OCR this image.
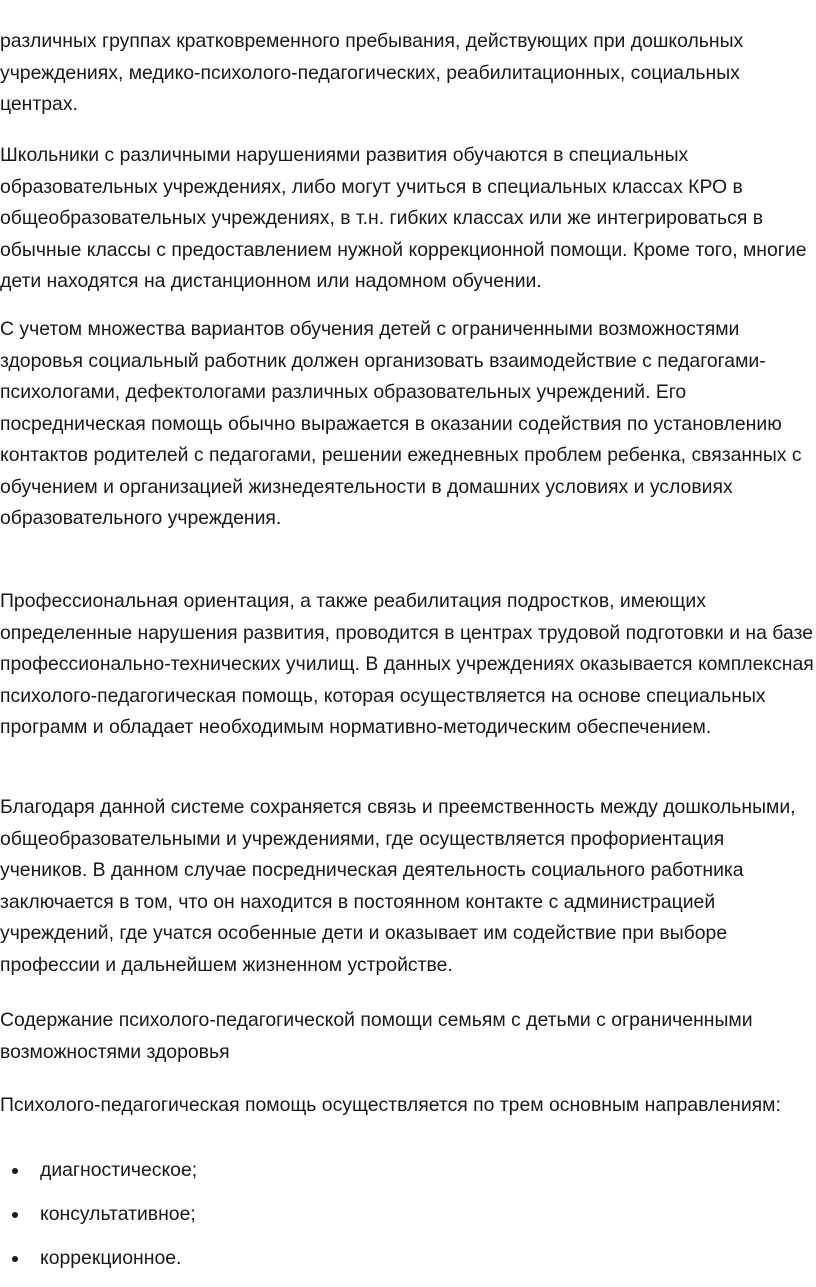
различных группах кратковременного пребывания, действующих при дошкольных учреждениях, медико-психолого-педагогических, реабилитационных, социальных центрах.

Школьники с различными нарушениями развития обучаются в специальных образовательных учреждениях, либо могут учиться в специальных классах КРО в общеобразовательных учреждениях, в т.н. гибких классах или же интегрироваться в обычные классы с предоставлением нужной коррекционной помощи. Кроме того, многие дети находятся на дистанционном или надомном обучении.

С учетом множества вариантов обучения детей с ограниченными возможностями здоровья социальный работник должен организовать взаимодействие с педагогами-психологами, дефектологами различных образовательных учреждений. Его посредническая помощь обычно выражается в оказании содействия по установлению контактов родителей с педагогами, решении ежедневных проблем ребенка, связанных с обучением и организацией жизнедеятельности в домашних условиях и условиях образовательного учреждения.

Профессиональная ориентация, а также реабилитация подростков, имеющих определенные нарушения развития, проводится в центрах трудовой подготовки и на базе профессионально-технических училищ. В данных учреждениях оказывается комплексная психолого-педагогическая помощь, которая осуществляется на основе специальных программ и обладает необходимым нормативно-методическим обеспечением.

Благодаря данной системе сохраняется связь и преемственность между дошкольными, общеобразовательными и учреждениями, где осуществляется профориентация учеников. В данном случае посредническая деятельность социального работника заключается в том, что он находится в постоянном контакте с администрацией учреждений, где учатся особенные дети и оказывает им содействие при выборе профессии и дальнейшем жизненном устройстве.

Содержание психолого-педагогической помощи семьям с детьми с ограниченными возможностями здоровья

Психолого-педагогическая помощь осуществляется по трем основным направлениям:

диагностическое;
консультативное;
коррекционное.
